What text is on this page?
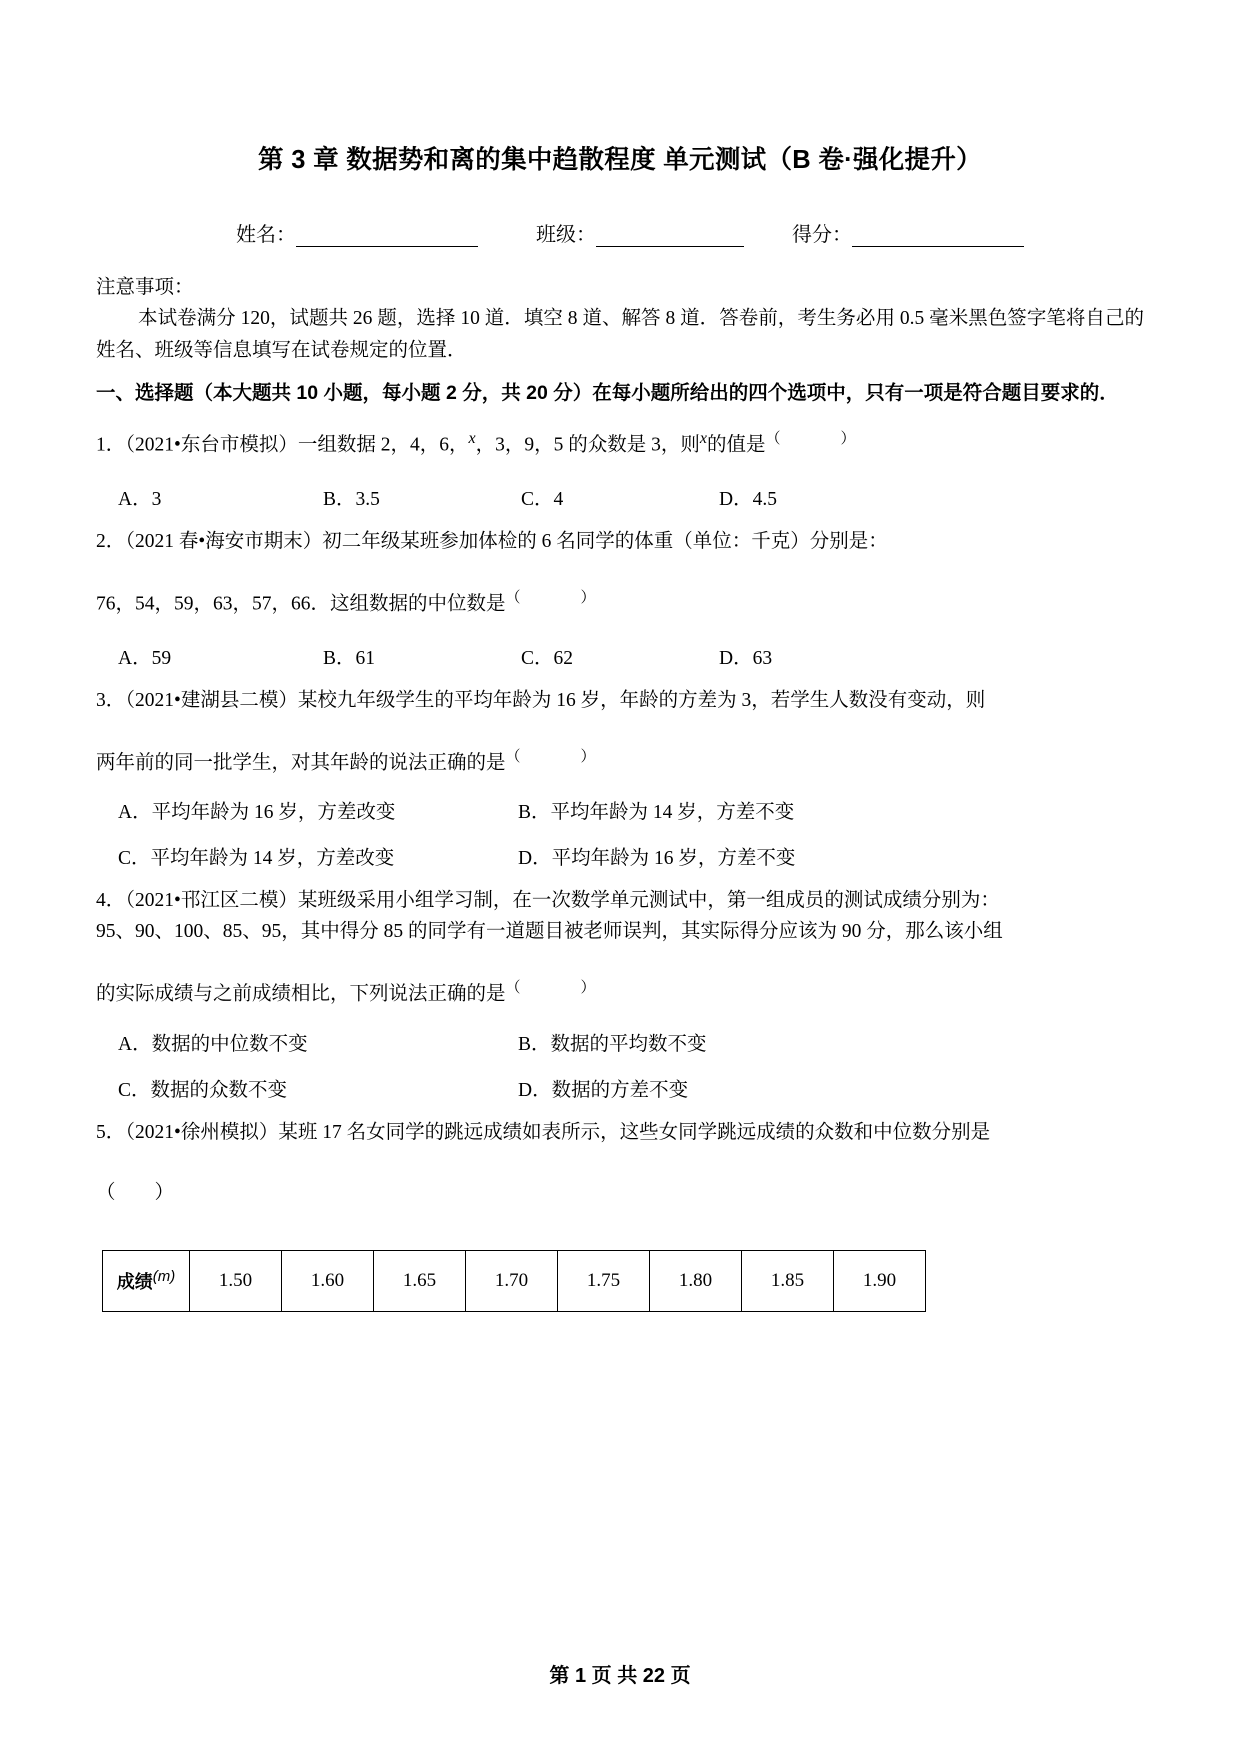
第 3 章 数据势和离的集中趋散程度 单元测试（B 卷·强化提升）
姓名：	班级：	得分：
注意事项：
本试卷满分 120，试题共 26 题，选择 10 道．填空 8 道、解答 8 道．答卷前，考生务必用 0.5 毫米黑色签字笔将自己的姓名、班级等信息填写在试卷规定的位置．
一、选择题（本大题共 10 小题，每小题 2 分，共 20 分）在每小题所给出的四个选项中，只有一项是符合题目要求的．
1．（2021•东台市模拟）一组数据 2，4，6，$^x$，3，9，5 的众数是 3，则$^x$的值是（　　）
A．3	B．3.5	C．4	D．4.5
2．（2021 春•海安市期末）初二年级某班参加体检的 6 名同学的体重（单位：千克）分别是：
76，54，59，63，57，66．这组数据的中位数是（　　）
A．59	B．61	C．62	D．63
3．（2021•建湖县二模）某校九年级学生的平均年龄为 16 岁，年龄的方差为 3，若学生人数没有变动，则
两年前的同一批学生，对其年龄的说法正确的是（　　）
A．平均年龄为 16 岁，方差改变	B．平均年龄为 14 岁，方差不变
C．平均年龄为 14 岁，方差改变	D．平均年龄为 16 岁，方差不变
4．（2021•邗江区二模）某班级采用小组学习制，在一次数学单元测试中，第一组成员的测试成绩分别为：
95、90、100、85、95，其中得分 85 的同学有一道题目被老师误判，其实际得分应该为 90 分，那么该小组
的实际成绩与之前成绩相比，下列说法正确的是（　　）
A．数据的中位数不变	B．数据的平均数不变
C．数据的众数不变	D．数据的方差不变
5．（2021•徐州模拟）某班 17 名女同学的跳远成绩如表所示，这些女同学跳远成绩的众数和中位数分别是
（　　）
成绩$^{(m)}$	1.50	1.60	1.65	1.70	1.75	1.80	1.85	1.90
第 1 页 共 22 页
